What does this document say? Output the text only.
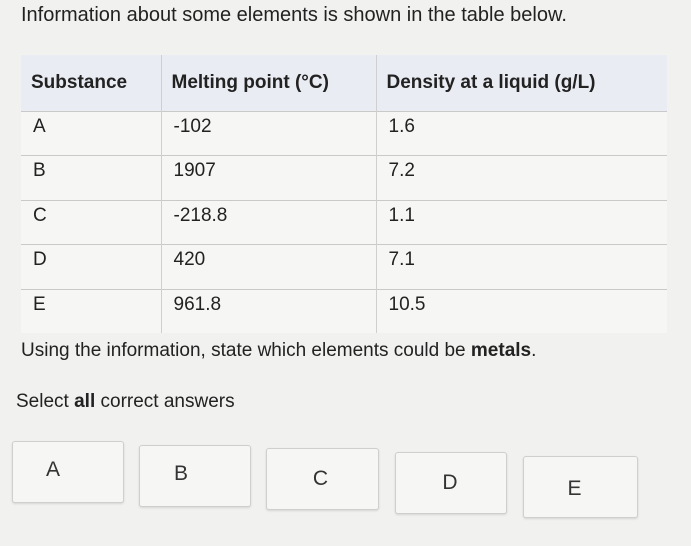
Information about some elements is shown in the table below.

Substance	Melting point (°C)	Density at a liquid (g/L)
A	-102	1.6
B	1907	7.2
C	-218.8	1.1
D	420	7.1
E	961.8	10.5

Using the information, state which elements could be metals.

Select all correct answers

A	B	C	D	E
